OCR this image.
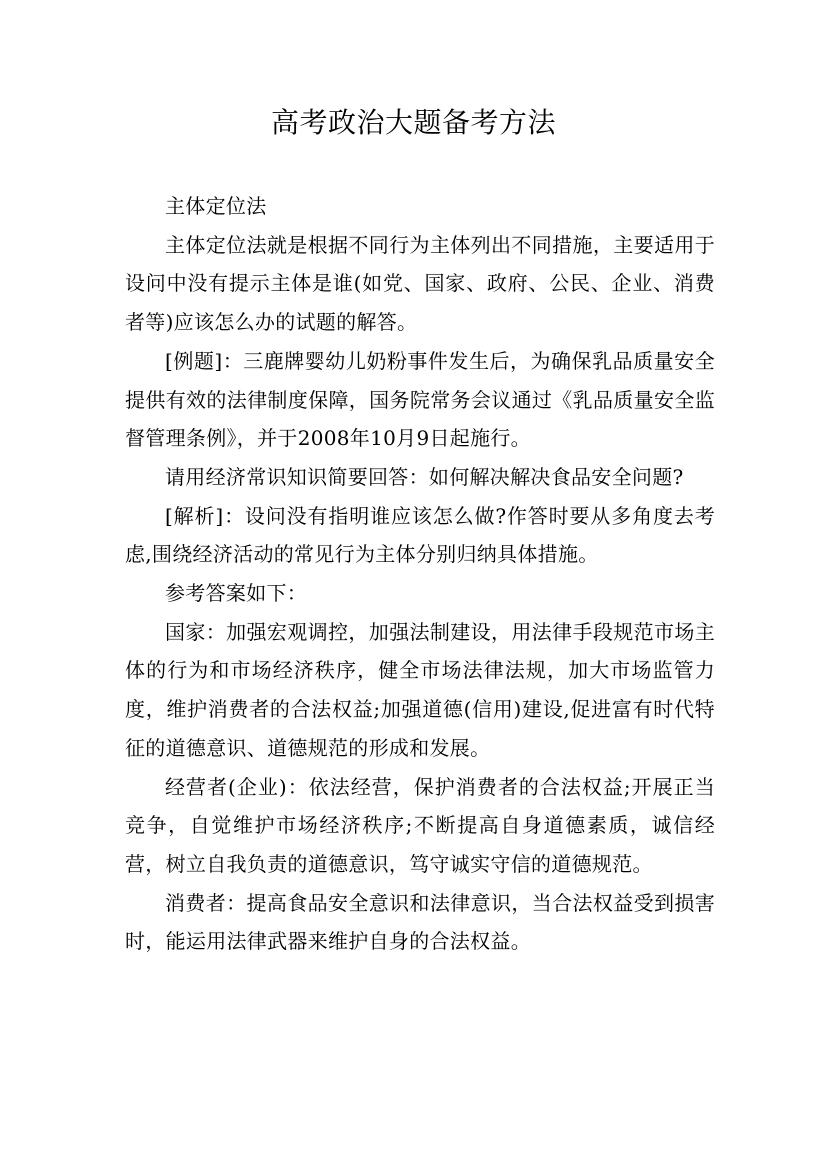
高考政治大题备考方法

主体定位法

主体定位法就是根据不同行为主体列出不同措施，主要适用于设问中没有提示主体是谁(如党、国家、政府、公民、企业、消费者等)应该怎么办的试题的解答。

[例题]：三鹿牌婴幼儿奶粉事件发生后，为确保乳品质量安全提供有效的法律制度保障，国务院常务会议通过《乳品质量安全监督管理条例》，并于2008年10月9日起施行。

请用经济常识知识简要回答：如何解决解决食品安全问题?

[解析]：设问没有指明谁应该怎么做?作答时要从多角度去考虑,围绕经济活动的常见行为主体分别归纳具体措施。

参考答案如下：

国家：加强宏观调控，加强法制建设，用法律手段规范市场主体的行为和市场经济秩序，健全市场法律法规，加大市场监管力度，维护消费者的合法权益;加强道德(信用)建设,促进富有时代特征的道德意识、道德规范的形成和发展。

经营者(企业)：依法经营，保护消费者的合法权益;开展正当竞争，自觉维护市场经济秩序;不断提高自身道德素质，诚信经营，树立自我负责的道德意识，笃守诚实守信的道德规范。

消费者：提高食品安全意识和法律意识，当合法权益受到损害时，能运用法律武器来维护自身的合法权益。
